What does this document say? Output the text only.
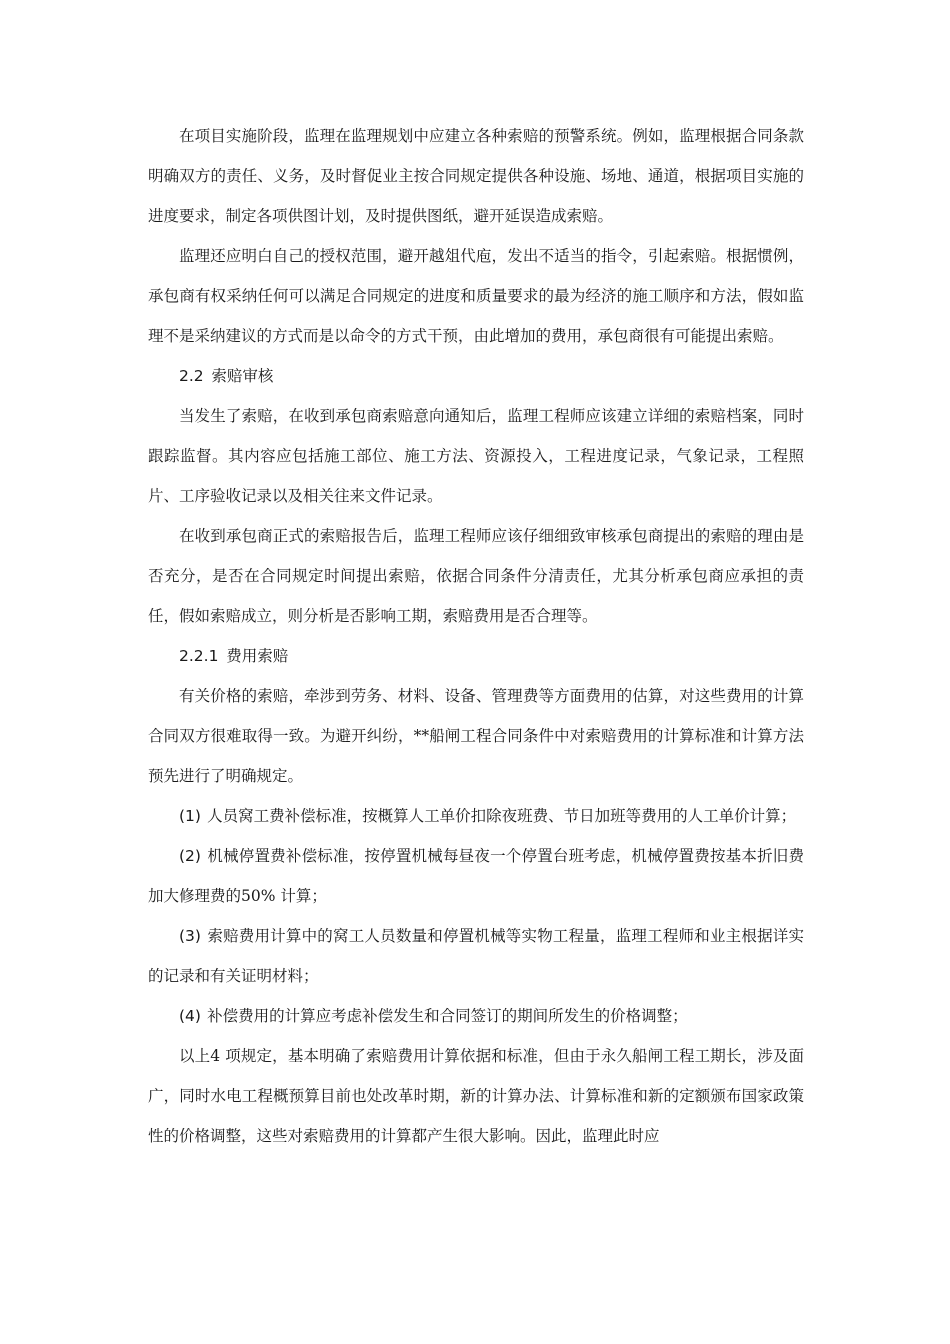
在项目实施阶段，监理在监理规划中应建立各种索赔的预警系统。例如，监理根据合同条款明确双方的责任、义务，及时督促业主按合同规定提供各种设施、场地、通道，根据项目实施的进度要求，制定各项供图计划，及时提供图纸，避开延误造成索赔。

监理还应明白自己的授权范围，避开越俎代庖，发出不适当的指令，引起索赔。根据惯例，承包商有权采纳任何可以满足合同规定的进度和质量要求的最为经济的施工顺序和方法，假如监理不是采纳建议的方式而是以命令的方式干预，由此增加的费用，承包商很有可能提出索赔。

2.2 索赔审核

当发生了索赔，在收到承包商索赔意向通知后，监理工程师应该建立详细的索赔档案，同时跟踪监督。其内容应包括施工部位、施工方法、资源投入，工程进度记录，气象记录，工程照片、工序验收记录以及相关往来文件记录。

在收到承包商正式的索赔报告后，监理工程师应该仔细细致审核承包商提出的索赔的理由是否充分，是否在合同规定时间提出索赔，依据合同条件分清责任，尤其分析承包商应承担的责任，假如索赔成立，则分析是否影响工期，索赔费用是否合理等。

2.2.1 费用索赔

有关价格的索赔，牵涉到劳务、材料、设备、管理费等方面费用的估算，对这些费用的计算合同双方很难取得一致。为避开纠纷，**船闸工程合同条件中对索赔费用的计算标准和计算方法预先进行了明确规定。

(1) 人员窝工费补偿标准，按概算人工单价扣除夜班费、节日加班等费用的人工单价计算；

(2) 机械停置费补偿标准，按停置机械每昼夜一个停置台班考虑，机械停置费按基本折旧费加大修理费的50% 计算；

(3) 索赔费用计算中的窝工人员数量和停置机械等实物工程量，监理工程师和业主根据详实的记录和有关证明材料；

(4) 补偿费用的计算应考虑补偿发生和合同签订的期间所发生的价格调整；

以上4 项规定，基本明确了索赔费用计算依据和标准，但由于永久船闸工程工期长，涉及面广，同时水电工程概预算目前也处改革时期，新的计算办法、计算标准和新的定额颁布国家政策性的价格调整，这些对索赔费用的计算都产生很大影响。因此，监理此时应
